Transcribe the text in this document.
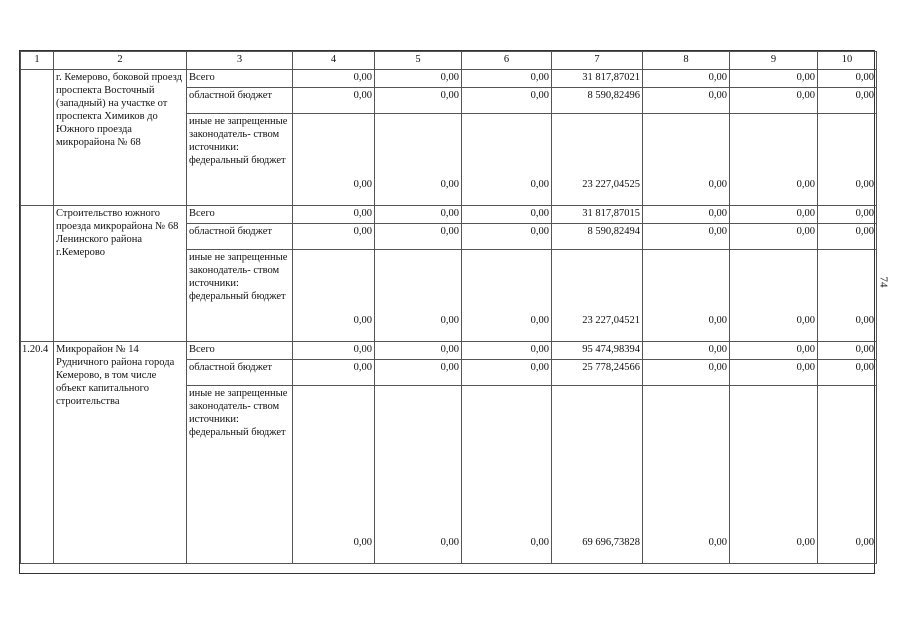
1	2	3	4	5	6	7	8	9	10
	г. Кемерово, боковой проезд проспекта Восточный (западный) на участке от проспекта Химиков до Южного проезда микрорайона № 68	Всего	0,00	0,00	0,00	31 817,87021	0,00	0,00	0,00
		областной бюджет	0,00	0,00	0,00	8 590,82496	0,00	0,00	0,00
		иные не запрещенные законодатель- ством источники: федеральный бюджет	0,00	0,00	0,00	23 227,04525	0,00	0,00	0,00
	Строительство южного проезда микрорайона № 68 Ленинского района г.Кемерово	Всего	0,00	0,00	0,00	31 817,87015	0,00	0,00	0,00
		областной бюджет	0,00	0,00	0,00	8 590,82494	0,00	0,00	0,00
		иные не запрещенные законодатель- ством источники: федеральный бюджет	0,00	0,00	0,00	23 227,04521	0,00	0,00	0,00
1.20.4	Микрорайон № 14 Рудничного района города Кемерово, в том числе объект капитального строительства	Всего	0,00	0,00	0,00	95 474,98394	0,00	0,00	0,00
		областной бюджет	0,00	0,00	0,00	25 778,24566	0,00	0,00	0,00
		иные не запрещенные законодатель- ством источники: федеральный бюджет	0,00	0,00	0,00	69 696,73828	0,00	0,00	0,00
74
